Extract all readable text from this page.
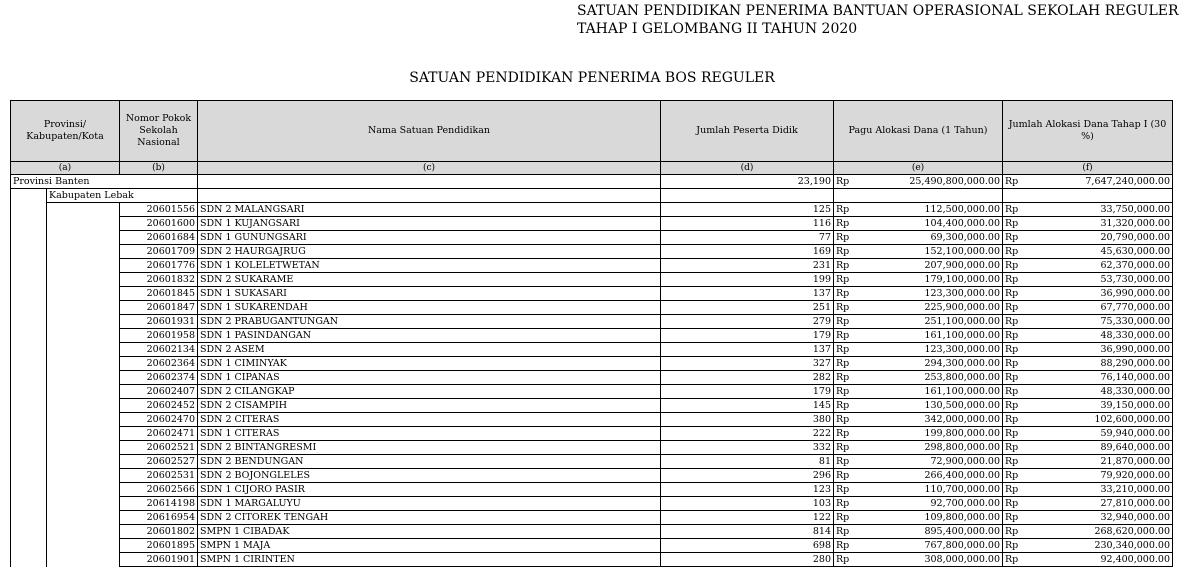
SATUAN PENDIDIKAN PENERIMA BANTUAN OPERASIONAL SEKOLAH REGULER
TAHAP I GELOMBANG II TAHUN 2020
SATUAN PENDIDIKAN PENERIMA BOS REGULER
Provinsi/ Kabupaten/Kota		Nomor Pokok Sekolah Nasional	Nama Satuan Pendidikan	Jumlah Peserta Didik	Pagu Alokasi Dana (1 Tahun)	Jumlah Alokasi Dana Tahap I (30 %)
(a)		(b)	(c)	(d)	(e)	(f)
Provinsi Banten				23,190	Rp 25,490,800,000.00	Rp 7,647,240,000.00

	Kabupaten Lebak					
		20601556	SDN 2 MALANGSARI	125	Rp 112,500,000.00	Rp 33,750,000.00

		20601600	SDN 1 KUJANGSARI	116	Rp 104,400,000.00	Rp 31,320,000.00

		20601684	SDN 1 GUNUNGSARI	77	Rp 69,300,000.00	Rp 20,790,000.00

		20601709	SDN 2 HAURGAJRUG	169	Rp 152,100,000.00	Rp 45,630,000.00

		20601776	SDN 1 KOLELETWETAN	231	Rp 207,900,000.00	Rp 62,370,000.00

		20601832	SDN 2 SUKARAME	199	Rp 179,100,000.00	Rp 53,730,000.00

		20601845	SDN 1 SUKASARI	137	Rp 123,300,000.00	Rp 36,990,000.00

		20601847	SDN 1 SUKARENDAH	251	Rp 225,900,000.00	Rp 67,770,000.00

		20601931	SDN 2 PRABUGANTUNGAN	279	Rp 251,100,000.00	Rp 75,330,000.00

		20601958	SDN 1 PASINDANGAN	179	Rp 161,100,000.00	Rp 48,330,000.00

		20602134	SDN 2 ASEM	137	Rp 123,300,000.00	Rp 36,990,000.00

		20602364	SDN 1 CIMINYAK	327	Rp 294,300,000.00	Rp 88,290,000.00

		20602374	SDN 1 CIPANAS	282	Rp 253,800,000.00	Rp 76,140,000.00

		20602407	SDN 2 CILANGKAP	179	Rp 161,100,000.00	Rp 48,330,000.00

		20602452	SDN 2 CISAMPIH	145	Rp 130,500,000.00	Rp 39,150,000.00

		20602470	SDN 2 CITERAS	380	Rp 342,000,000.00	Rp 102,600,000.00

		20602471	SDN 1 CITERAS	222	Rp 199,800,000.00	Rp 59,940,000.00

		20602521	SDN 2 BINTANGRESMI	332	Rp 298,800,000.00	Rp 89,640,000.00

		20602527	SDN 2 BENDUNGAN	81	Rp 72,900,000.00	Rp 21,870,000.00

		20602531	SDN 2 BOJONGLELES	296	Rp 266,400,000.00	Rp 79,920,000.00

		20602566	SDN 1 CIJORO PASIR	123	Rp 110,700,000.00	Rp 33,210,000.00

		20614198	SDN 1 MARGALUYU	103	Rp 92,700,000.00	Rp 27,810,000.00

		20616954	SDN 2 CITOREK TENGAH	122	Rp 109,800,000.00	Rp 32,940,000.00

		20601802	SMPN 1 CIBADAK	814	Rp 895,400,000.00	Rp 268,620,000.00

		20601895	SMPN 1 MAJA	698	Rp 767,800,000.00	Rp 230,340,000.00

		20601901	SMPN 1 CIRINTEN	280	Rp 308,000,000.00	Rp 92,400,000.00
